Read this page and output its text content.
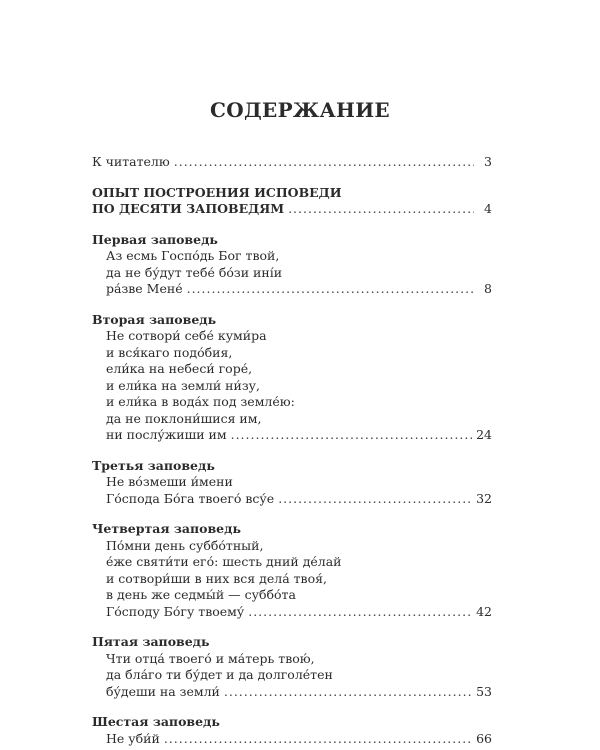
СОДЕРЖАНИЕ
К читателю .....	3
ОПЫТ ПОСТРОЕНИЯ ИСПОВЕДИ
ПО ДЕСЯТИ ЗАПОВЕДЯМ .....	4
Первая заповедь
Аз есмь Госпо́дь Бог твой,
да не бу́дут тебе́ бо́зи ині́и
ра́зве Мене́ .....	8
Вторая заповедь
Не сотвори́ себе́ куми́ра
и вся́каго подо́бия,
ели́ка на небеси́ горе́,
и ели́ка на земли́ ни́зу,
и ели́ка в вода́х под земле́ю:
да не поклони́шися им,
ни послу́жиши им .....	24
Третья заповедь
Не во́змеши и́мени
Го́спода Бо́га твоего́ всу́е .....	32
Четвертая заповедь
По́мни день суббо́тный,
е́же святи́ти его́: шесть дний де́лай
и сотвори́ши в них вся дела́ твоя́,
в день же седмы́й — суббо́та
Го́споду Бо́гу твоему́ .....	42
Пятая заповедь
Чти отца́ твоего́ и ма́терь твою́,
да бла́го ти бу́дет и да долголе́тен
бу́деши на земли́ .....	53
Шестая заповедь
Не уби́й .....	66
